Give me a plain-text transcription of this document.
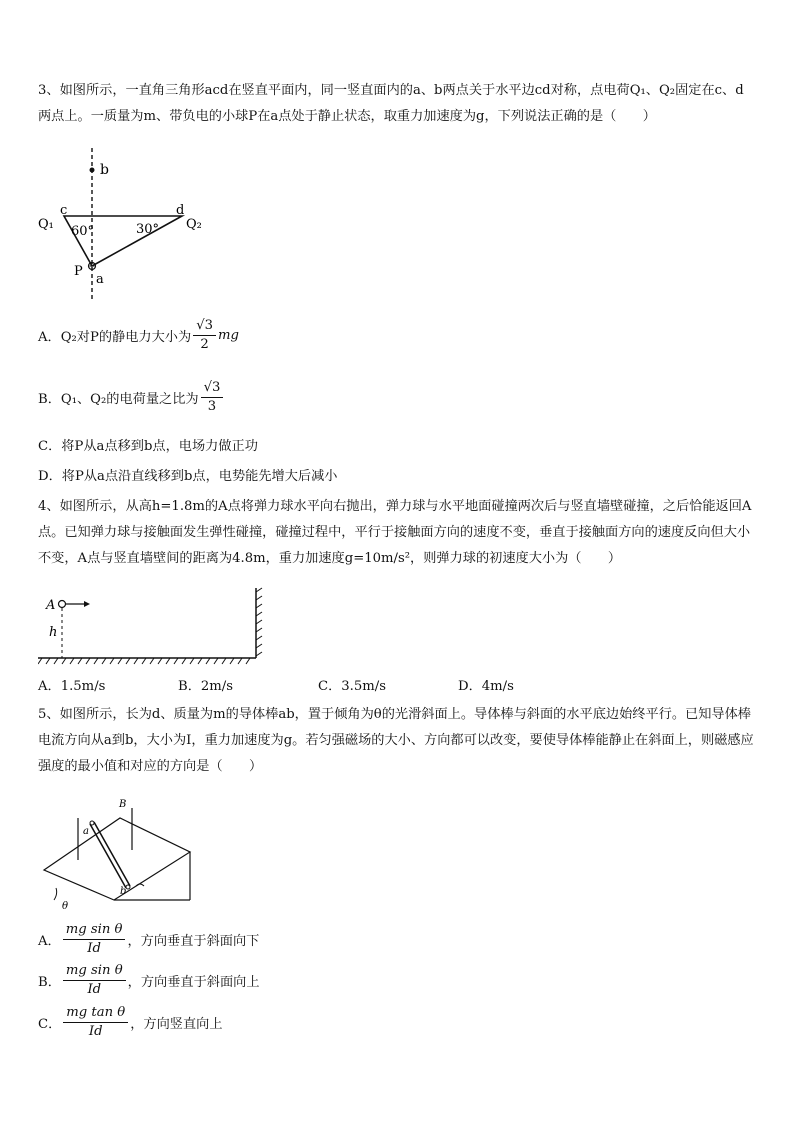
3、如图所示，一直角三角形acd在竖直平面内，同一竖直面内的a、b两点关于水平边cd对称，点电荷Q₁、Q₂固定在c、d两点上。一质量为m、带负电的小球P在a点处于静止状态，取重力加速度为g，下列说法正确的是（　　）
b
c	d
Q₁	Q₂
60°	30°
P
a
A．Q₂对P的静电力大小为 $\frac{√3}{2}$ mg
B．Q₁、Q₂的电荷量之比为 $\frac{√3}{3}$
C．将P从a点移到b点，电场力做正功
D．将P从a点沿直线移到b点，电势能先增大后减小
4、如图所示，从高h=1.8m的A点将弹力球水平向右抛出，弹力球与水平地面碰撞两次后与竖直墙壁碰撞，之后恰能返回A点。已知弹力球与接触面发生弹性碰撞，碰撞过程中，平行于接触面方向的速度不变，垂直于接触面方向的速度反向但大小不变，A点与竖直墙壁间的距离为4.8m，重力加速度g=10m/s²，则弹力球的初速度大小为（　　）
A
h
A．1.5m/s	B．2m/s	C．3.5m/s	D．4m/s
5、如图所示，长为d、质量为m的导体棒ab，置于倾角为θ的光滑斜面上。导体棒与斜面的水平底边始终平行。已知导体棒电流方向从a到b，大小为I，重力加速度为g。若匀强磁场的大小、方向都可以改变，要使导体棒能静止在斜面上，则磁感应强度的最小值和对应的方向是（　　）
B
a
b
θ
A． $\frac{\text{mg sin θ}}{Id}$ ，方向垂直于斜面向下
B． $\frac{\text{mg sin θ}}{Id}$ ，方向垂直于斜面向上
C． $\frac{\text{mg tan θ}}{Id}$ ，方向竖直向上
